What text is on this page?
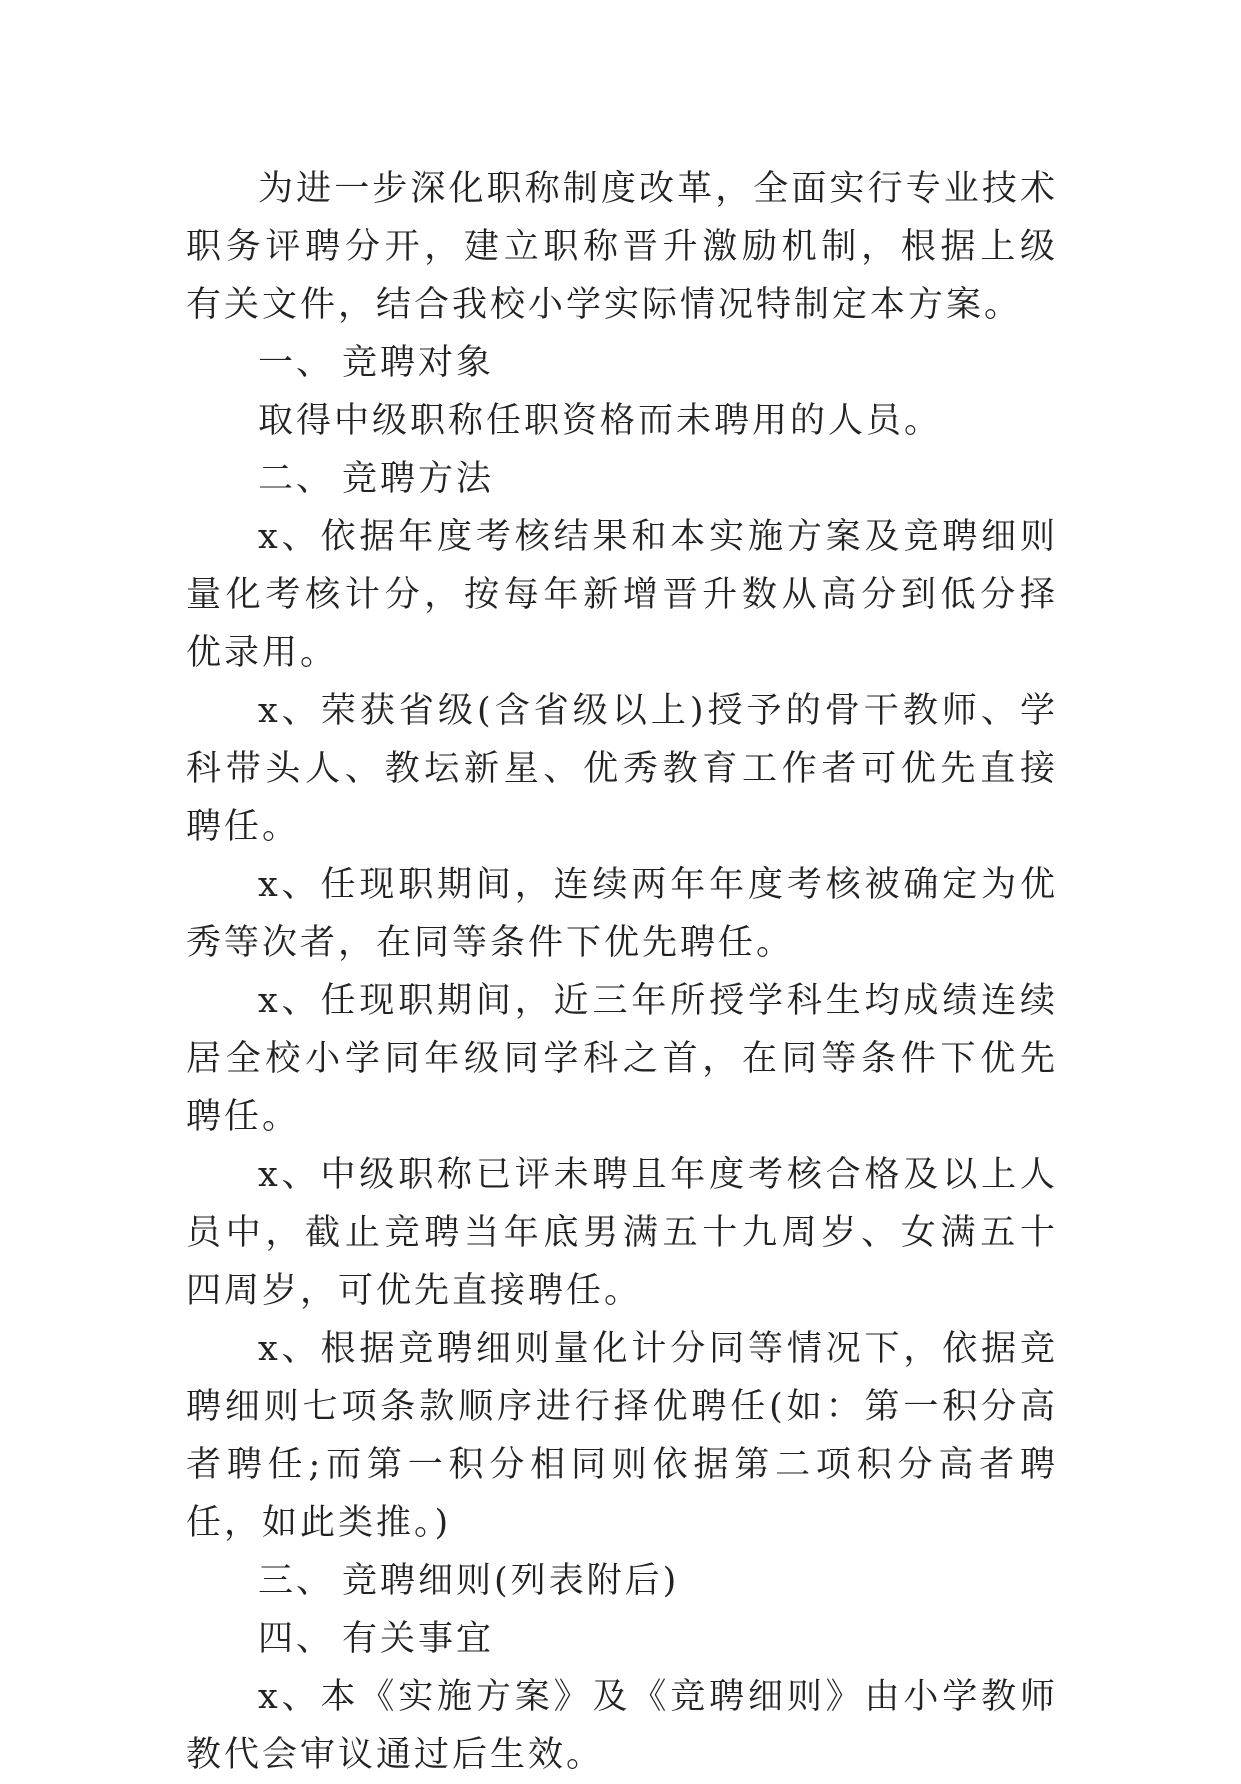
为进一步深化职称制度改革，全面实行专业技术职务评聘分开，建立职称晋升激励机制，根据上级有关文件，结合我校小学实际情况特制定本方案。

一、 竞聘对象

取得中级职称任职资格而未聘用的人员。

二、 竞聘方法

x、依据年度考核结果和本实施方案及竞聘细则量化考核计分，按每年新增晋升数从高分到低分择优录用。

x、荣获省级(含省级以上)授予的骨干教师、学科带头人、教坛新星、优秀教育工作者可优先直接聘任。

x、任现职期间，连续两年年度考核被确定为优秀等次者，在同等条件下优先聘任。

x、任现职期间，近三年所授学科生均成绩连续居全校小学同年级同学科之首，在同等条件下优先聘任。

x、中级职称已评未聘且年度考核合格及以上人员中，截止竞聘当年底男满五十九周岁、女满五十四周岁，可优先直接聘任。

x、根据竞聘细则量化计分同等情况下，依据竞聘细则七项条款顺序进行择优聘任(如：第一积分高者聘任;而第一积分相同则依据第二项积分高者聘任，如此类推。)

三、 竞聘细则(列表附后)

四、 有关事宜

x、本《实施方案》及《竞聘细则》由小学教师教代会审议通过后生效。
